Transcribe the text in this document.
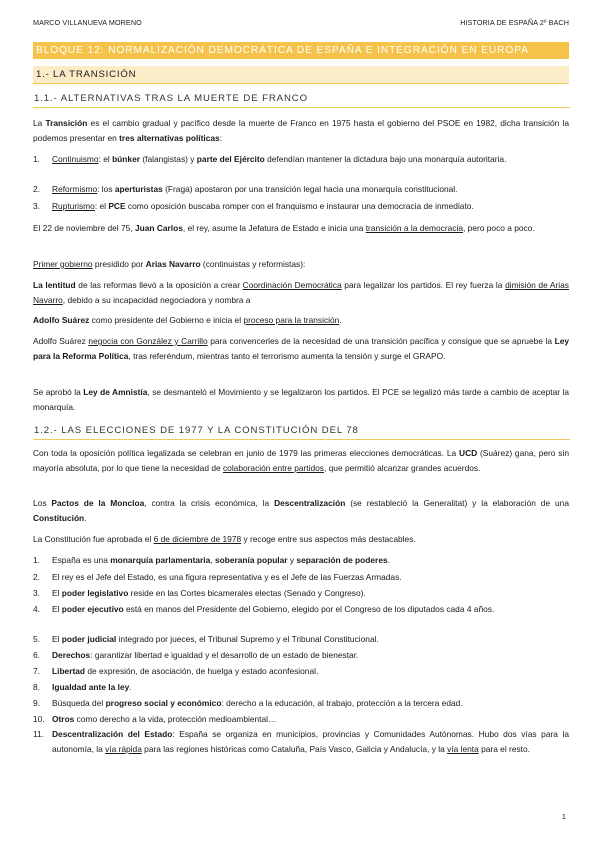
MARCO VILLANUEVA MORENO	HISTORIA DE ESPAÑA 2º BACH
BLOQUE 12: NORMALIZACIÓN DEMOCRÁTICA DE ESPAÑA E INTEGRACIÓN EN EUROPA
1.- LA TRANSICIÓN
1.1.- ALTERNATIVAS TRAS LA MUERTE DE FRANCO

La Transición es el cambio gradual y pacífico desde la muerte de Franco en 1975 hasta el gobierno del PSOE en 1982, dicha transición la podemos presentar en tres alternativas políticas:

1. Continuismo: el búnker (falangistas) y parte del Ejército defendían mantener la dictadura bajo una monarquía autoritaria.
2. Reformismo: los aperturistas (Fraga) apostaron por una transición legal hacia una monarquía constitucional.
3. Rupturismo: el PCE como oposición buscaba romper con el franquismo e instaurar una democracia de inmediato.

El 22 de noviembre del 75, Juan Carlos, el rey, asume la Jefatura de Estado e inicia una transición a la democracia, pero poco a poco.

Primer gobierno presidido por Arias Navarro (continuistas y reformistas):

La lentitud de las reformas llevó a la oposición a crear Coordinación Democrática para legalizar los partidos. El rey fuerza la dimisión de Arias Navarro, debido a su incapacidad negociadora y nombra a

Adolfo Suárez como presidente del Gobierno e inicia el proceso para la transición.

Adolfo Suárez negocia con González y Carrillo para convencerles de la necesidad de una transición pacífica y consigue que se apruebe la Ley para la Reforma Política, tras referéndum, mientras tanto el terrorismo aumenta la tensión y surge el GRAPO.

Se aprobó la Ley de Amnistía, se desmanteló el Movimiento y se legalizaron los partidos. El PCE se legalizó más tarde a cambio de aceptar la monarquía.

1.2.- LAS ELECCIONES DE 1977 Y LA CONSTITUCIÓN DEL 78

Con toda la oposición política legalizada se celebran en junio de 1979 las primeras elecciones democráticas. La UCD (Suárez) gana, pero sin mayoría absoluta, por lo que tiene la necesidad de colaboración entre partidos, que permitió alcanzar grandes acuerdos.

Los Pactos de la Moncloa, contra la crisis económica, la Descentralización (se restableció la Generalitat) y la elaboración de una Constitución.

La Constitución fue aprobada el 6 de diciembre de 1978 y recoge entre sus aspectos más destacables.

1. España es una monarquía parlamentaria, soberanía popular y separación de poderes.
2. El rey es el Jefe del Estado, es una figura representativa y es el Jefe de las Fuerzas Armadas.
3. El poder legislativo reside en las Cortes bicamerales electas (Senado y Congreso).
4. El poder ejecutivo está en manos del Presidente del Gobierno, elegido por el Congreso de los diputados cada 4 años.
5. El poder judicial integrado por jueces, el Tribunal Supremo y el Tribunal Constitucional.
6. Derechos: garantizar libertad e igualdad y el desarrollo de un estado de bienestar.
7. Libertad de expresión, de asociación, de huelga y estado aconfesional.
8. Igualdad ante la ley.
9. Búsqueda del progreso social y económico: derecho a la educación, al trabajo, protección a la tercera edad.
10. Otros como derecho a la vida, protección medioambiental…
11. Descentralización del Estado: España se organiza en municipios, provincias y Comunidades Autónomas. Hubo dos vías para la autonomía, la vía rápida para las regiones históricas como Cataluña, País Vasco, Galicia y Andalucía, y la vía lenta para el resto.
1
